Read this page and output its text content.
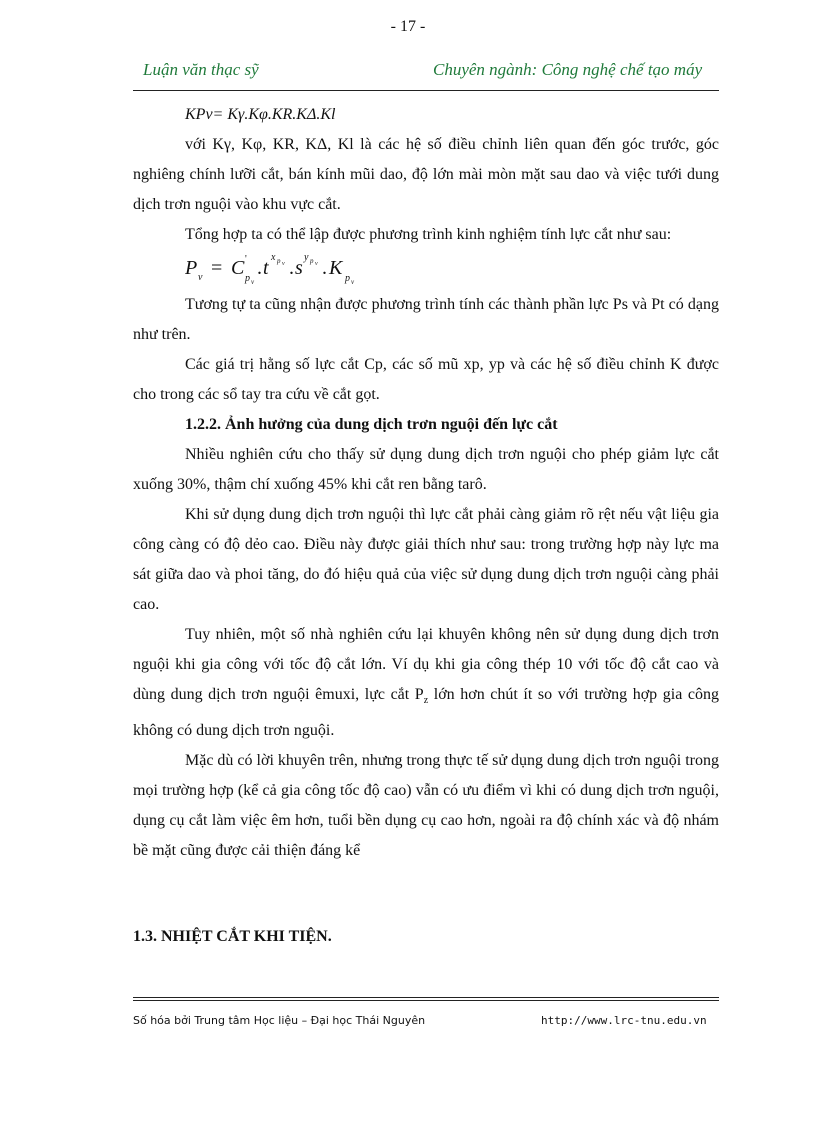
- 17 -
Luận văn thạc sỹ	Chuyên ngành: Công nghệ chế tạo máy
KPv= Kγ.Kφ.KR.KΔ.Kl

với Kγ, Kφ, KR, KΔ, Kl là các hệ số điều chỉnh liên quan đến góc trước, góc nghiêng chính lưỡi cắt, bán kính mũi dao, độ lớn mài mòn mặt sau dao và việc tưới dung dịch trơn nguội vào khu vực cắt.

Tổng hợp ta có thể lập được phương trình kinh nghiệm tính lực cắt như sau:

P v = C '
p v
. t x p v . s y p v . K p v

Tương tự ta cũng nhận được phương trình tính các thành phần lực Ps và Pt có dạng như trên.

Các giá trị hằng số lực cắt Cp, các số mũ xp, yp và các hệ số điều chỉnh K được cho trong các sổ tay tra cứu về cắt gọt.

1.2.2. Ảnh hưởng của dung dịch trơn nguội đến lực cắt

Nhiều nghiên cứu cho thấy sử dụng dung dịch trơn nguội cho phép giảm lực cắt xuống 30%, thậm chí xuống 45% khi cắt ren bằng tarô.

Khi sử dụng dung dịch trơn nguội thì lực cắt phải càng giảm rõ rệt nếu vật liệu gia công càng có độ dẻo cao. Điều này được giải thích như sau: trong trường hợp này lực ma sát giữa dao và phoi tăng, do đó hiệu quả của việc sử dụng dung dịch trơn nguội càng phải cao.

Tuy nhiên, một số nhà nghiên cứu lại khuyên không nên sử dụng dung dịch trơn nguội khi gia công với tốc độ cắt lớn. Ví dụ khi gia công thép 10 với tốc độ cắt cao và dùng dung dịch trơn nguội êmuxi, lực cắt $P_z$ lớn hơn chút ít so với trường hợp gia công không có dung dịch trơn nguội.

Mặc dù có lời khuyên trên, nhưng trong thực tế sử dụng dung dịch trơn nguội trong mọi trường hợp (kể cả gia công tốc độ cao) vẫn có ưu điểm vì khi có dung dịch trơn nguội, dụng cụ cắt làm việc êm hơn, tuổi bền dụng cụ cao hơn, ngoài ra độ chính xác và độ nhám bề mặt cũng được cải thiện đáng kể

1.3. NHIỆT CẮT KHI TIỆN.
Số hóa bởi Trung tâm Học liệu – Đại học Thái Nguyên	http://www.lrc-tnu.edu.vn
